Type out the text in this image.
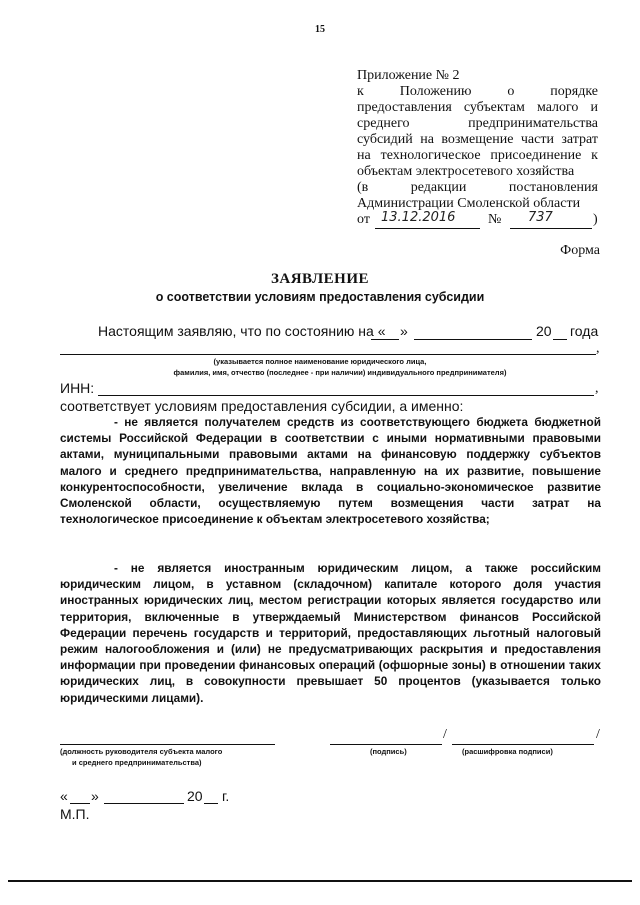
15
Приложение № 2
к Положению о порядке
предоставления субъектам малого и
среднего предпринимательства
субсидий на возмещение части затрат
на технологическое присоединение к
объектам электросетевого хозяйства
(в редакции постановления
Администрации Смоленской области
от 13.12.2016 № 737	)
Форма
ЗАЯВЛЕНИЕ
о соответствии условиям предоставления субсидии
Настоящим заявляю, что по состоянию на « »	20 года
,
(указывается полное наименование юридического лица,
фамилия, имя, отчество (последнее - при наличии) индивидуального предпринимателя)
ИНН:	,
соответствует условиям предоставления субсидии, а именно:

- не является получателем средств из соответствующего бюджета бюджетной системы Российской Федерации в соответствии с иными нормативными правовыми актами, муниципальными правовыми актами на финансовую поддержку субъектов малого и среднего предпринимательства, направленную на их развитие, повышение конкурентоспособности, увеличение вклада в социально-экономическое развитие Смоленской области, осуществляемую путем возмещения части затрат на технологическое присоединение к объектам электросетевого хозяйства;

- не является иностранным юридическим лицом, а также российским юридическим лицом, в уставном (складочном) капитале которого доля участия иностранных юридических лиц, местом регистрации которых является государство или территория, включенные в утверждаемый Министерством финансов Российской Федерации перечень государств и территорий, предоставляющих льготный налоговый режим налогообложения и (или) не предусматривающих раскрытия и предоставления информации при проведении финансовых операций (офшорные зоны) в отношении таких юридических лиц, в совокупности превышает 50 процентов (указывается только юридическими лицами).

(должность руководителя субъекта малого
и среднего предпринимательства)
/	/
(подпись)	(расшифровка подписи)
« »	20 г.
М.П.
